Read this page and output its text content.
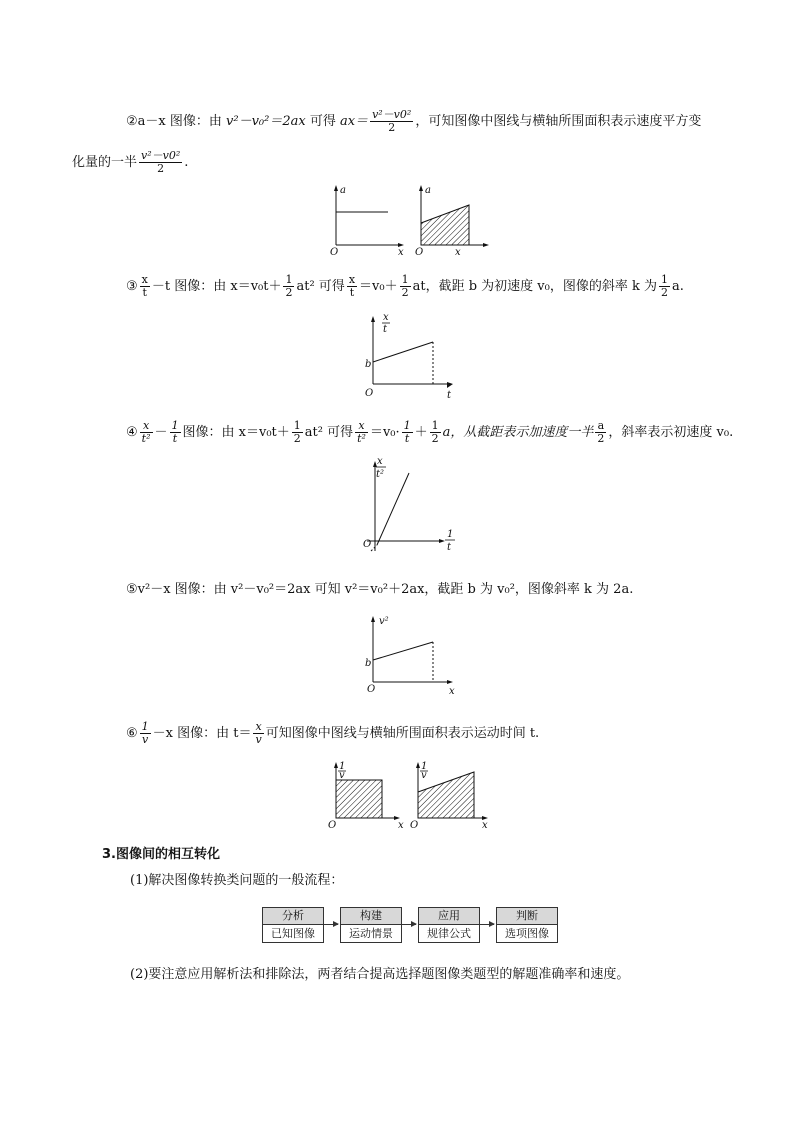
②a－x 图像：由 v²－v₀²＝2ax 可得 $ax= \frac{\text{v²－v0²}}{2}$ ，可知图像中图线与横轴所围面积表示速度平方变
化量的一半 $\frac{\text{v²－v0²}}{2}$ .
a
x
O
a
x
O
③ $\frac{x}{t} -t$ 图像：由 $x=v_0t+ \frac{1}{2} at^2$ 可得 $\frac{x}{t} =v_0+ \frac{1}{2}$ at，截距 b 为初速度 v₀，图像的斜率 k 为 $\frac{1}{2} a$.
x
t
b
O	t
④ $\frac{x}{\text{t²}} - \frac{1}{t}$ 图像：由 $x=v_0t+ \frac{1}{2} at^2$ 可得 $\frac{x}{\text{t²}} =v_0\cdot \frac{1}{t} + \frac{1}{2}$ a，从截距表示加速度一半 $\frac{a}{2}$ ，斜率表示初速度 v₀.
x
t²
O
1
t
⑤v²－x 图像：由 v²－v₀²＝2ax 可知 v²＝v₀²＋2ax，截距 b 为 v₀²，图像斜率 k 为 2a.
v²
b
O	x
⑥ $\frac{1}{v} -x$ 图像：由 $t= \frac{x}{v}$ 可知图像中图线与横轴所围面积表示运动时间 t.
1
v
O	x
1
v
O	x
3.图像间的相互转化
(1)解决图像转换类问题的一般流程：
分析
已知图像
构建
运动情景
应用
规律公式
判断
选项图像
(2)要注意应用解析法和排除法，两者结合提高选择题图像类题型的解题准确率和速度。
